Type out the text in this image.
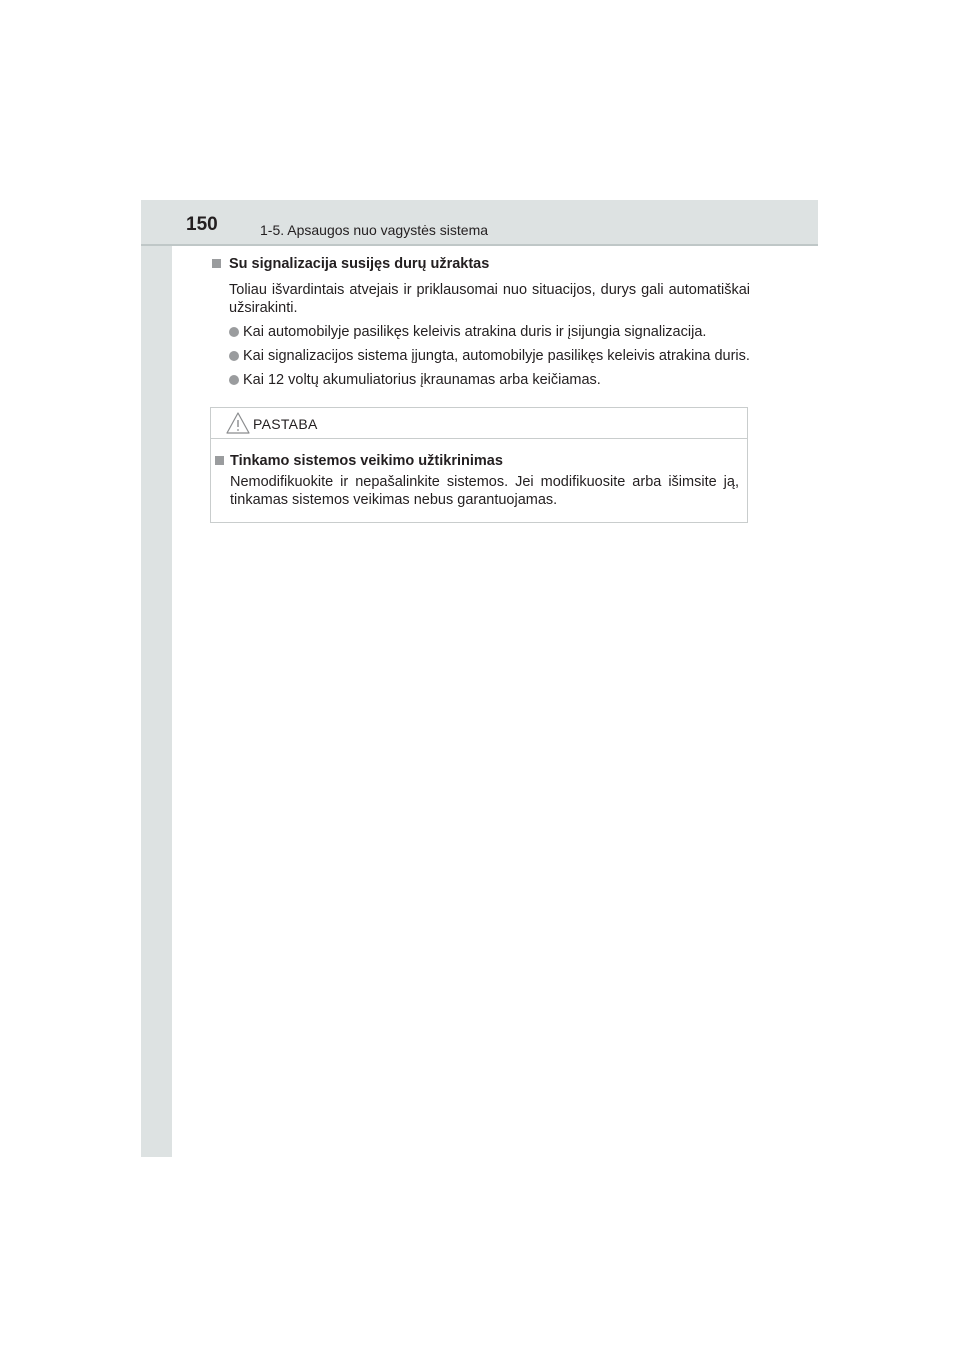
150	1-5. Apsaugos nuo vagystės sistema
Su signalizacija susijęs durų užraktas
Toliau išvardintais atvejais ir priklausomai nuo situacijos, durys gali automatiškai užsirakinti.
Kai automobilyje pasilikęs keleivis atrakina duris ir įsijungia signalizacija.
Kai signalizacijos sistema įjungta, automobilyje pasilikęs keleivis atrakina duris.
Kai 12 voltų akumuliatorius įkraunamas arba keičiamas.
PASTABA
Tinkamo sistemos veikimo užtikrinimas
Nemodifikuokite ir nepašalinkite sistemos. Jei modifikuosite arba išimsite ją, tinkamas sistemos veikimas nebus garantuojamas.
